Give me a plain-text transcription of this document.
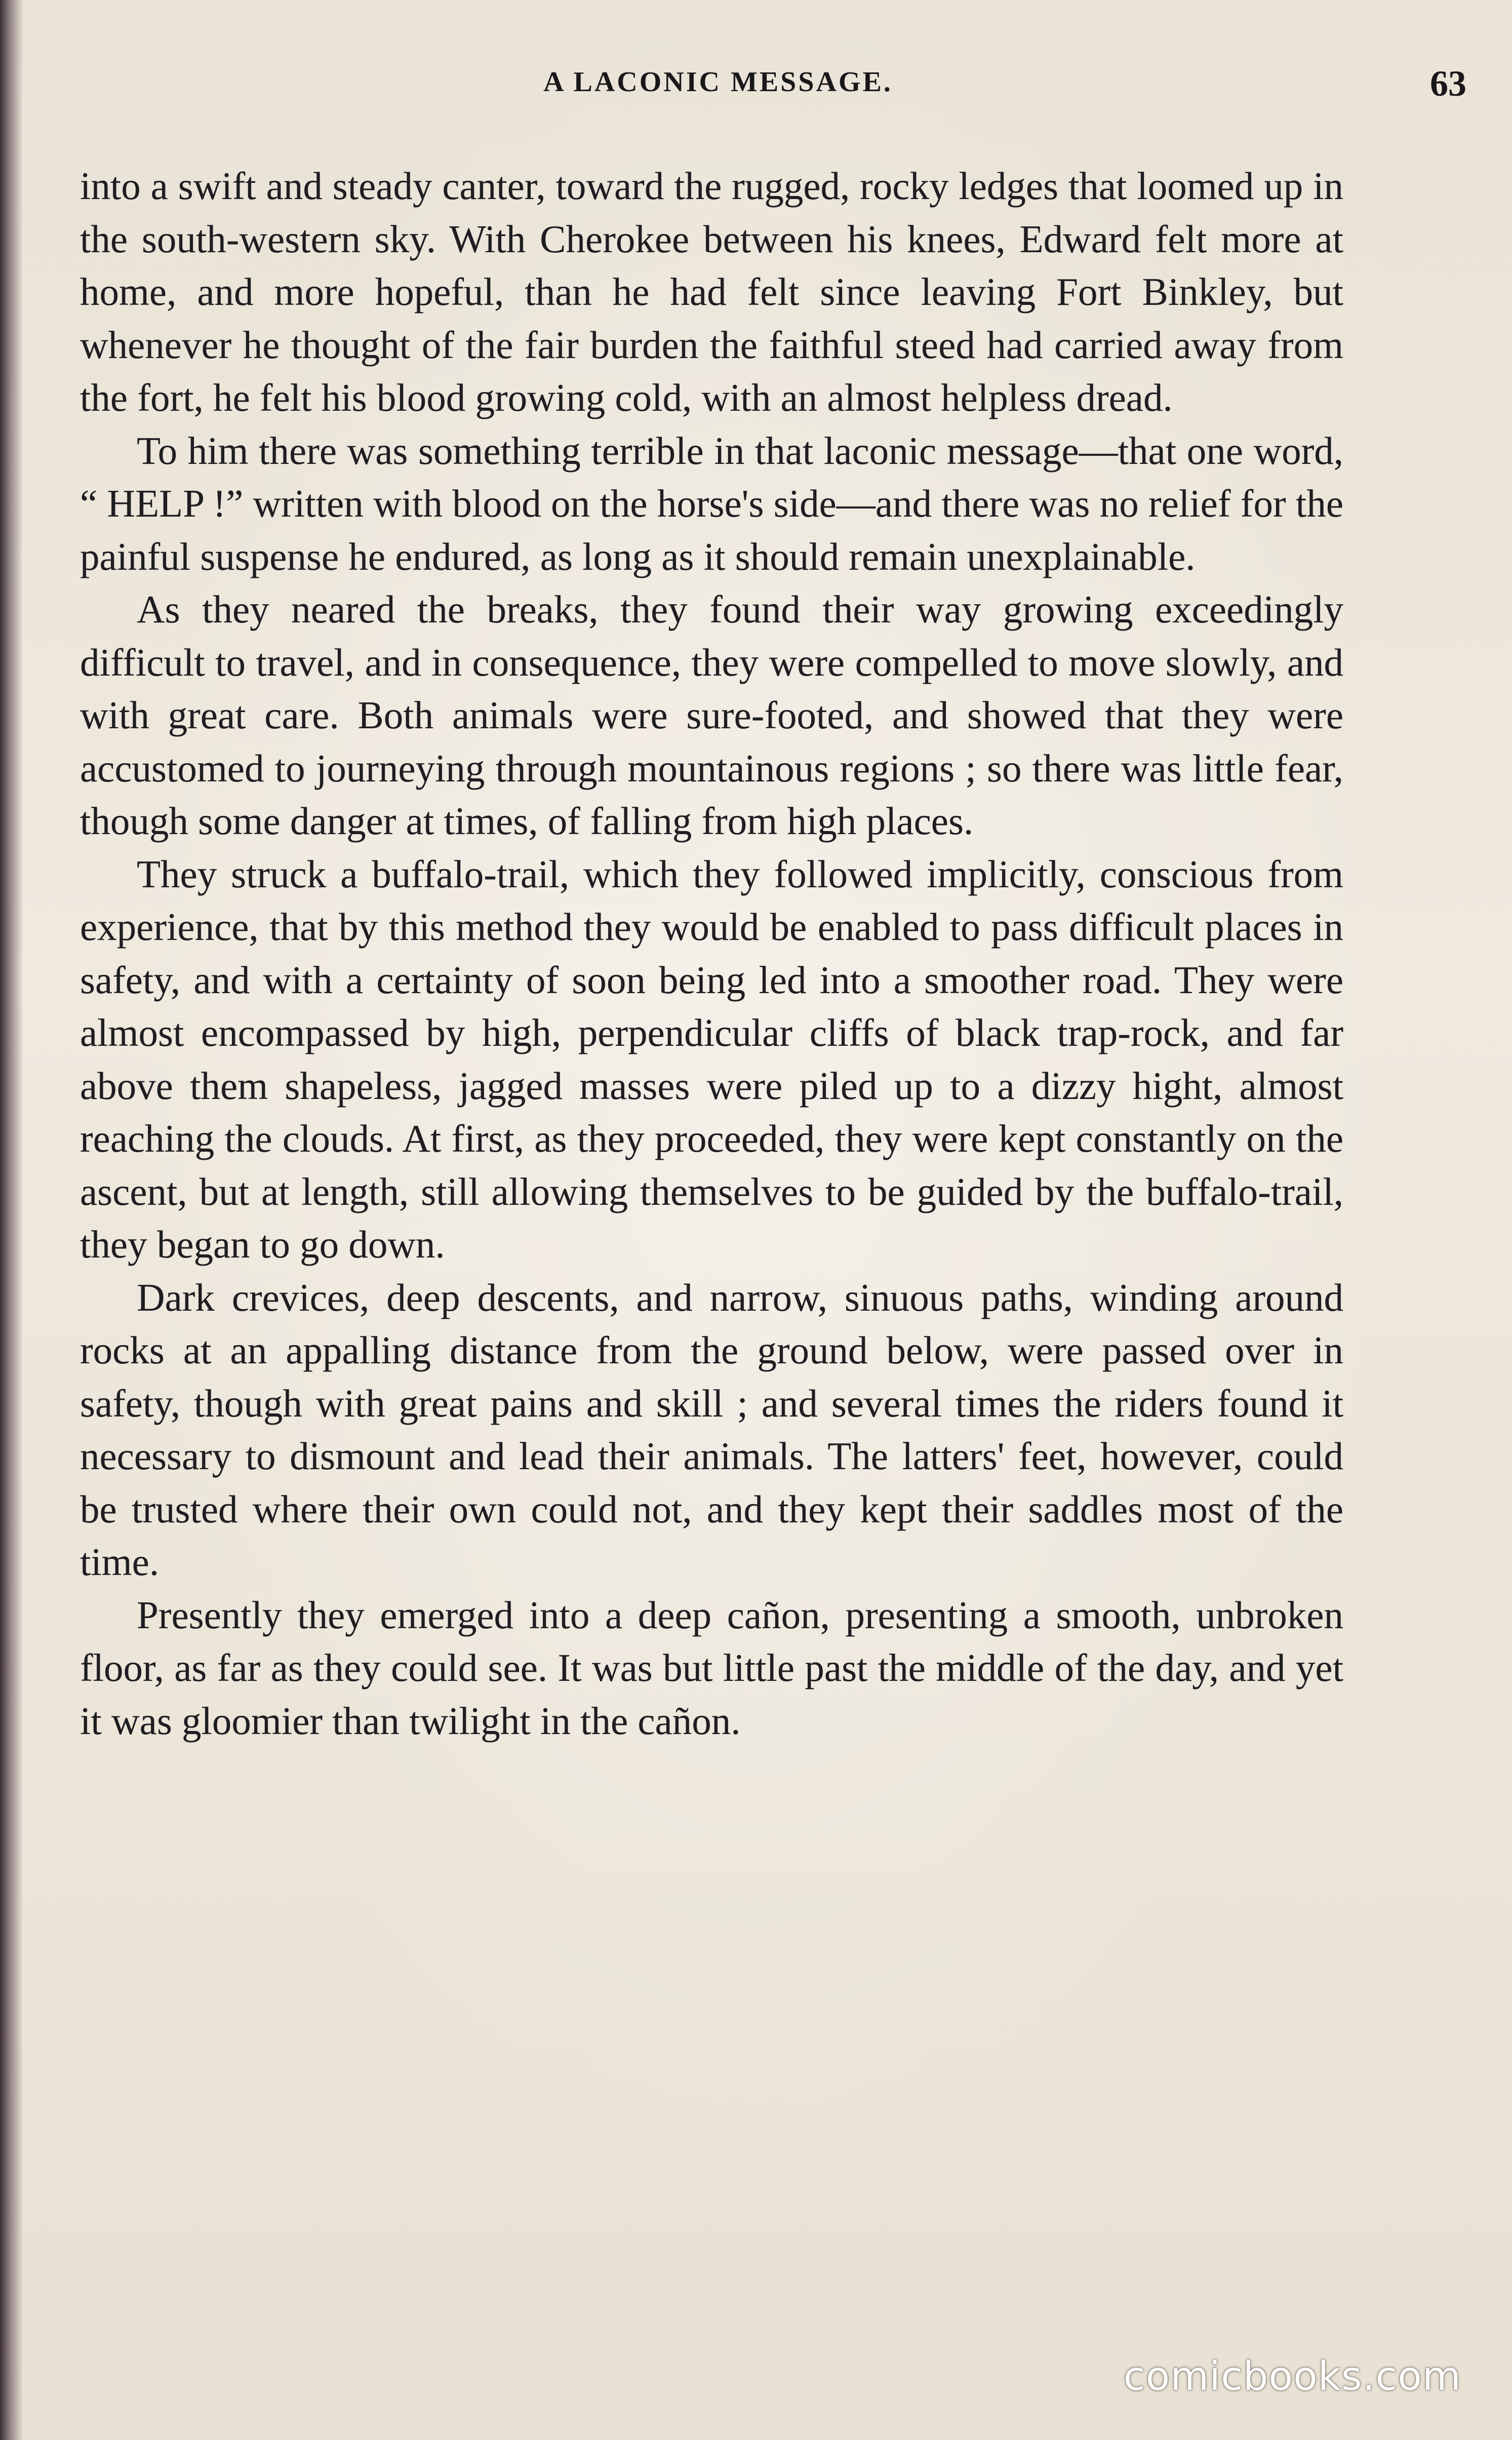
A LACONIC MESSAGE.	63

into a swift and steady canter, toward the rugged, rocky ledges that loomed up in the south-western sky. With Cherokee between his knees, Edward felt more at home, and more hopeful, than he had felt since leaving Fort Binkley, but whenever he thought of the fair burden the faithful steed had carried away from the fort, he felt his blood growing cold, with an almost helpless dread.

To him there was something terrible in that laconic message—that one word, “ HELP !” written with blood on the horse's side—and there was no relief for the painful suspense he endured, as long as it should remain unexplainable.

As they neared the breaks, they found their way growing exceedingly difficult to travel, and in consequence, they were compelled to move slowly, and with great care. Both animals were sure-footed, and showed that they were accustomed to journeying through mountainous regions ; so there was little fear, though some danger at times, of falling from high places.

They struck a buffalo-trail, which they followed implicitly, conscious from experience, that by this method they would be enabled to pass difficult places in safety, and with a certainty of soon being led into a smoother road. They were almost encompassed by high, perpendicular cliffs of black trap-rock, and far above them shapeless, jagged masses were piled up to a dizzy hight, almost reaching the clouds. At first, as they proceeded, they were kept constantly on the ascent, but at length, still allowing themselves to be guided by the buffalo-trail, they began to go down.

Dark crevices, deep descents, and narrow, sinuous paths, winding around rocks at an appalling distance from the ground below, were passed over in safety, though with great pains and skill ; and several times the riders found it necessary to dismount and lead their animals. The latters' feet, however, could be trusted where their own could not, and they kept their saddles most of the time.

Presently they emerged into a deep cañon, presenting a smooth, unbroken floor, as far as they could see. It was but little past the middle of the day, and yet it was gloomier than twilight in the cañon.

comicbooks.com
